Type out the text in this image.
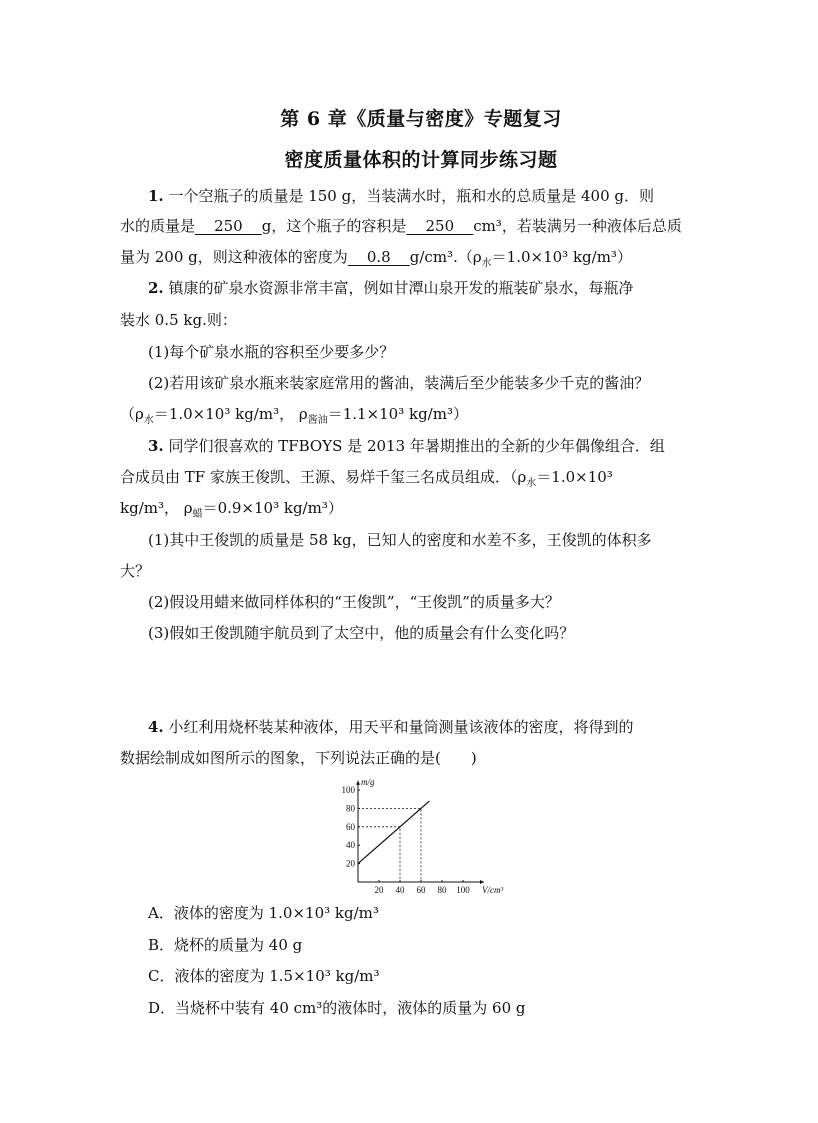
第 6 章《质量与密度》专题复习
密度质量体积的计算同步练习题
1. 一个空瓶子的质量是 150 g，当装满水时，瓶和水的总质量是 400 g．则
水的质量是    250    g，这个瓶子的容积是    250    cm³，若装满另一种液体后总质
量为 200 g，则这种液体的密度为    0.8    $g/cm^3.(\rho_水=1.0\times 10^3$ kg/m³）
2. 镇康的矿泉水资源非常丰富，例如甘潭山泉开发的瓶装矿泉水，每瓶净
装水 0.5 kg.则：
(1)每个矿泉水瓶的容积至少要多少？
(2)若用该矿泉水瓶来装家庭常用的酱油，装满后至少能装多少千克的酱油？
（$\rho_水=1.0\times 10^3$ kg/m³， $\rho_{酱油}=1.1\times 10^3$ kg/m³）
3. 同学们很喜欢的 TFBOYS 是 2013 年暑期推出的全新的少年偶像组合．组
合成员由 TF 家族王俊凯、王源、易烊千玺三名成员组成．（$\rho_水=1.0\times 10^3$
kg/m³， $\rho_蜡=0.9\times 10^3$ kg/m³）
(1)其中王俊凯的质量是 58 kg，已知人的密度和水差不多，王俊凯的体积多
大？
(2)假设用蜡来做同样体积的“王俊凯”，“王俊凯”的质量多大？
(3)假如王俊凯随宇航员到了太空中，他的质量会有什么变化吗？
4. 小红利用烧杯装某种液体，用天平和量筒测量该液体的密度，将得到的
数据绘制成如图所示的图象，下列说法正确的是(　　)
20 40 60 80 100
20
40
60
80
100
V/cm³
m/g
A．液体的密度为 1.0×10³ kg/m³
B．烧杯的质量为 40 g
C．液体的密度为 1.5×10³ kg/m³
D．当烧杯中装有 40 cm³的液体时，液体的质量为 60 g
